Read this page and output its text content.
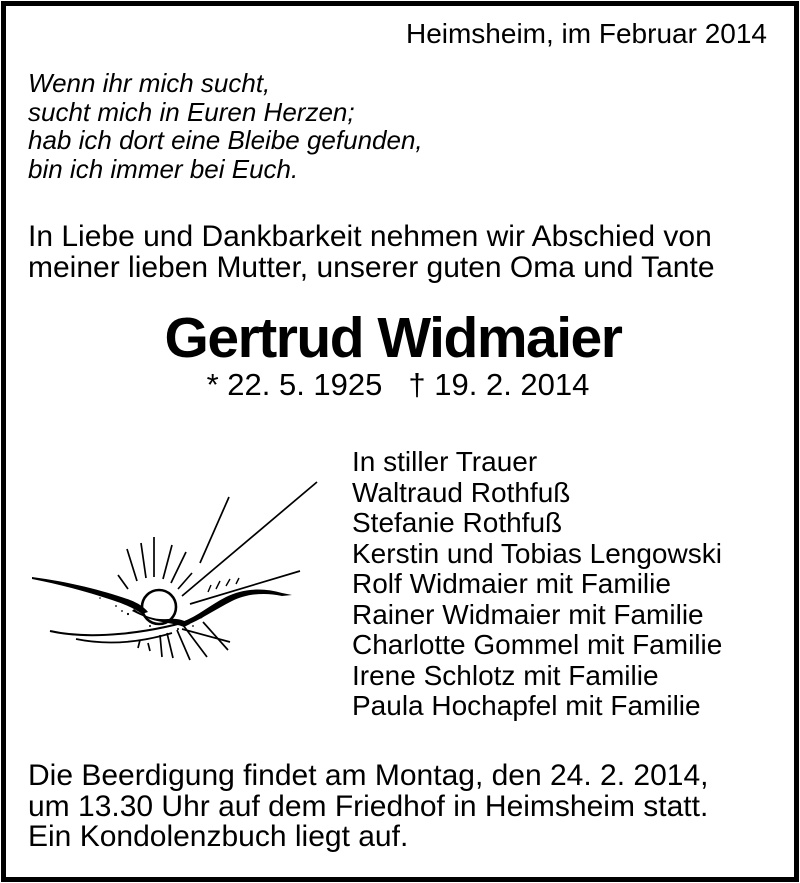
Heimsheim, im Februar 2014
Wenn ihr mich sucht,
sucht mich in Euren Herzen;
hab ich dort eine Bleibe gefunden,
bin ich immer bei Euch.
In Liebe und Dankbarkeit nehmen wir Abschied von
meiner lieben Mutter, unserer guten Oma und Tante
Gertrud Widmaier
* 22. 5. 1925 † 19. 2. 2014
In stiller Trauer
Waltraud Rothfuß
Stefanie Rothfuß
Kerstin und Tobias Lengowski
Rolf Widmaier mit Familie
Rainer Widmaier mit Familie
Charlotte Gommel mit Familie
Irene Schlotz mit Familie
Paula Hochapfel mit Familie
Die Beerdigung findet am Montag, den 24. 2. 2014,
um 13.30 Uhr auf dem Friedhof in Heimsheim statt.
Ein Kondolenzbuch liegt auf.
